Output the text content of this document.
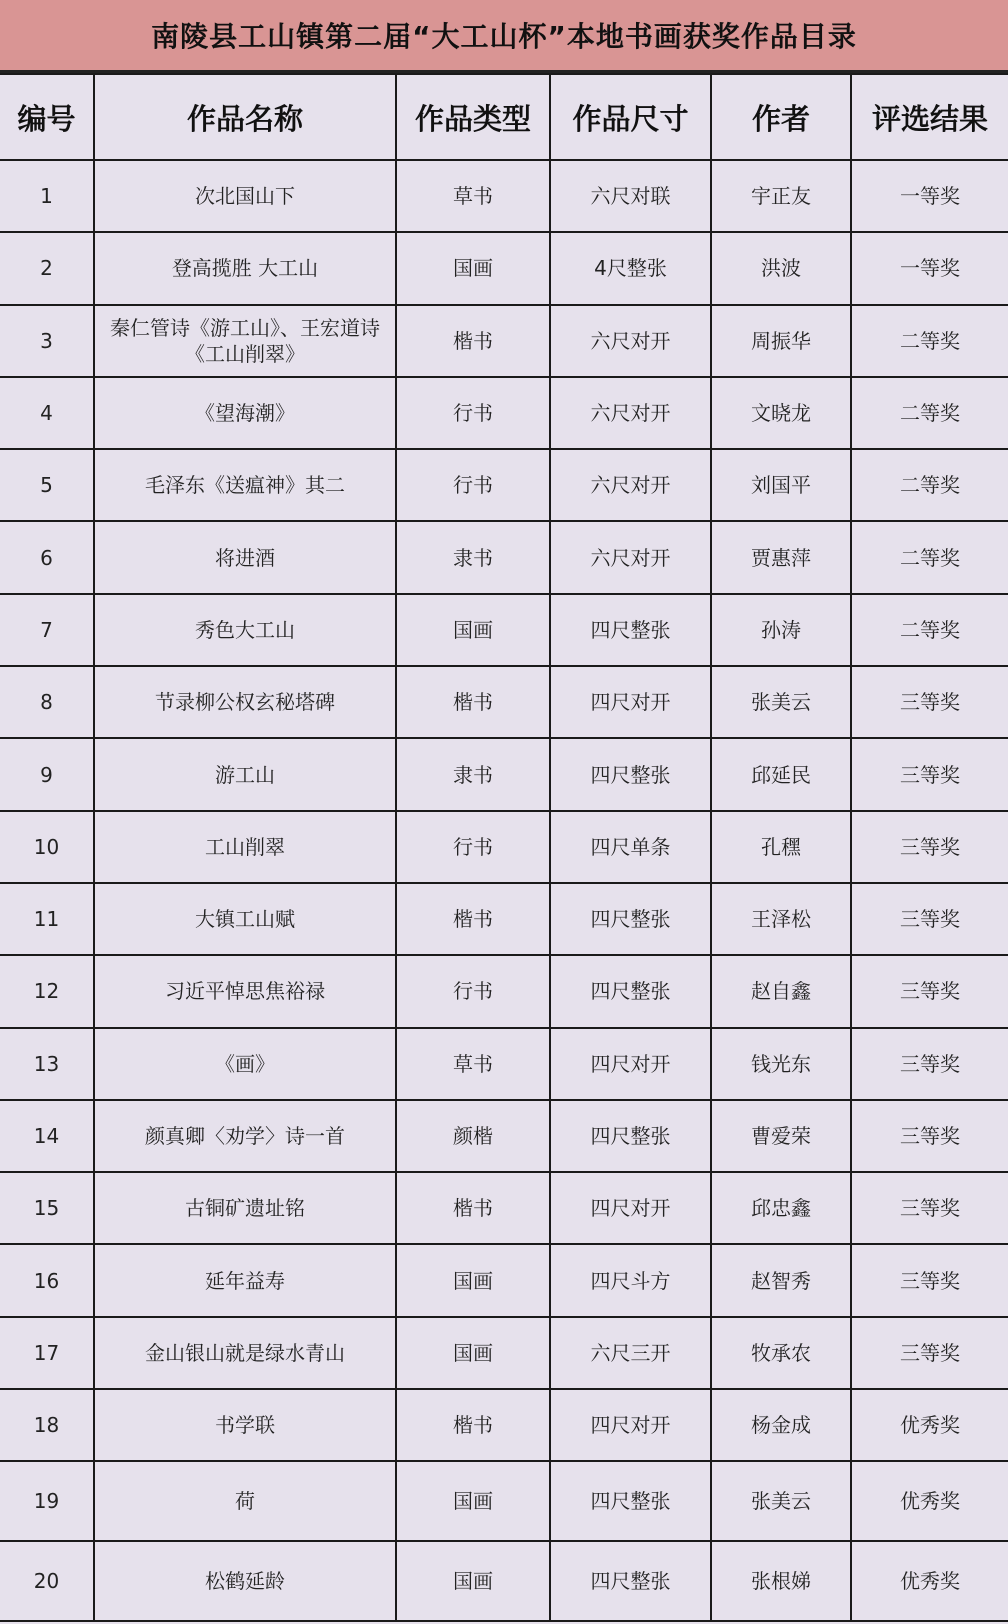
南陵县工山镇第二届“大工山杯”本地书画获奖作品目录
编号	作品名称	作品类型	作品尺寸	作者	评选结果
1	次北国山下	草书	六尺对联	宇正友	一等奖
2	登高揽胜 大工山	国画	4尺整张	洪波	一等奖
3	秦仁管诗《游工山》、王宏道诗《工山削翠》	楷书	六尺对开	周振华	二等奖
4	《望海潮》	行书	六尺对开	文晓龙	二等奖
5	毛泽东《送瘟神》其二	行书	六尺对开	刘国平	二等奖
6	将进酒	隶书	六尺对开	贾惠萍	二等奖
7	秀色大工山	国画	四尺整张	孙涛	二等奖
8	节录柳公权玄秘塔碑	楷书	四尺对开	张美云	三等奖
9	游工山	隶书	四尺整张	邱延民	三等奖
10	工山削翠	行书	四尺单条	孔䆀	三等奖
11	大镇工山赋	楷书	四尺整张	王泽松	三等奖
12	习近平悼思焦裕禄	行书	四尺整张	赵自鑫	三等奖
13	《画》	草书	四尺对开	钱光东	三等奖
14	颜真卿〈劝学〉诗一首	颜楷	四尺整张	曹爱荣	三等奖
15	古铜矿遗址铭	楷书	四尺对开	邱忠鑫	三等奖
16	延年益寿	国画	四尺斗方	赵智秀	三等奖
17	金山银山就是绿水青山	国画	六尺三开	牧承农	三等奖
18	书学联	楷书	四尺对开	杨金成	优秀奖
19	荷	国画	四尺整张	张美云	优秀奖
20	松鹤延龄	国画	四尺整张	张根娣	优秀奖
